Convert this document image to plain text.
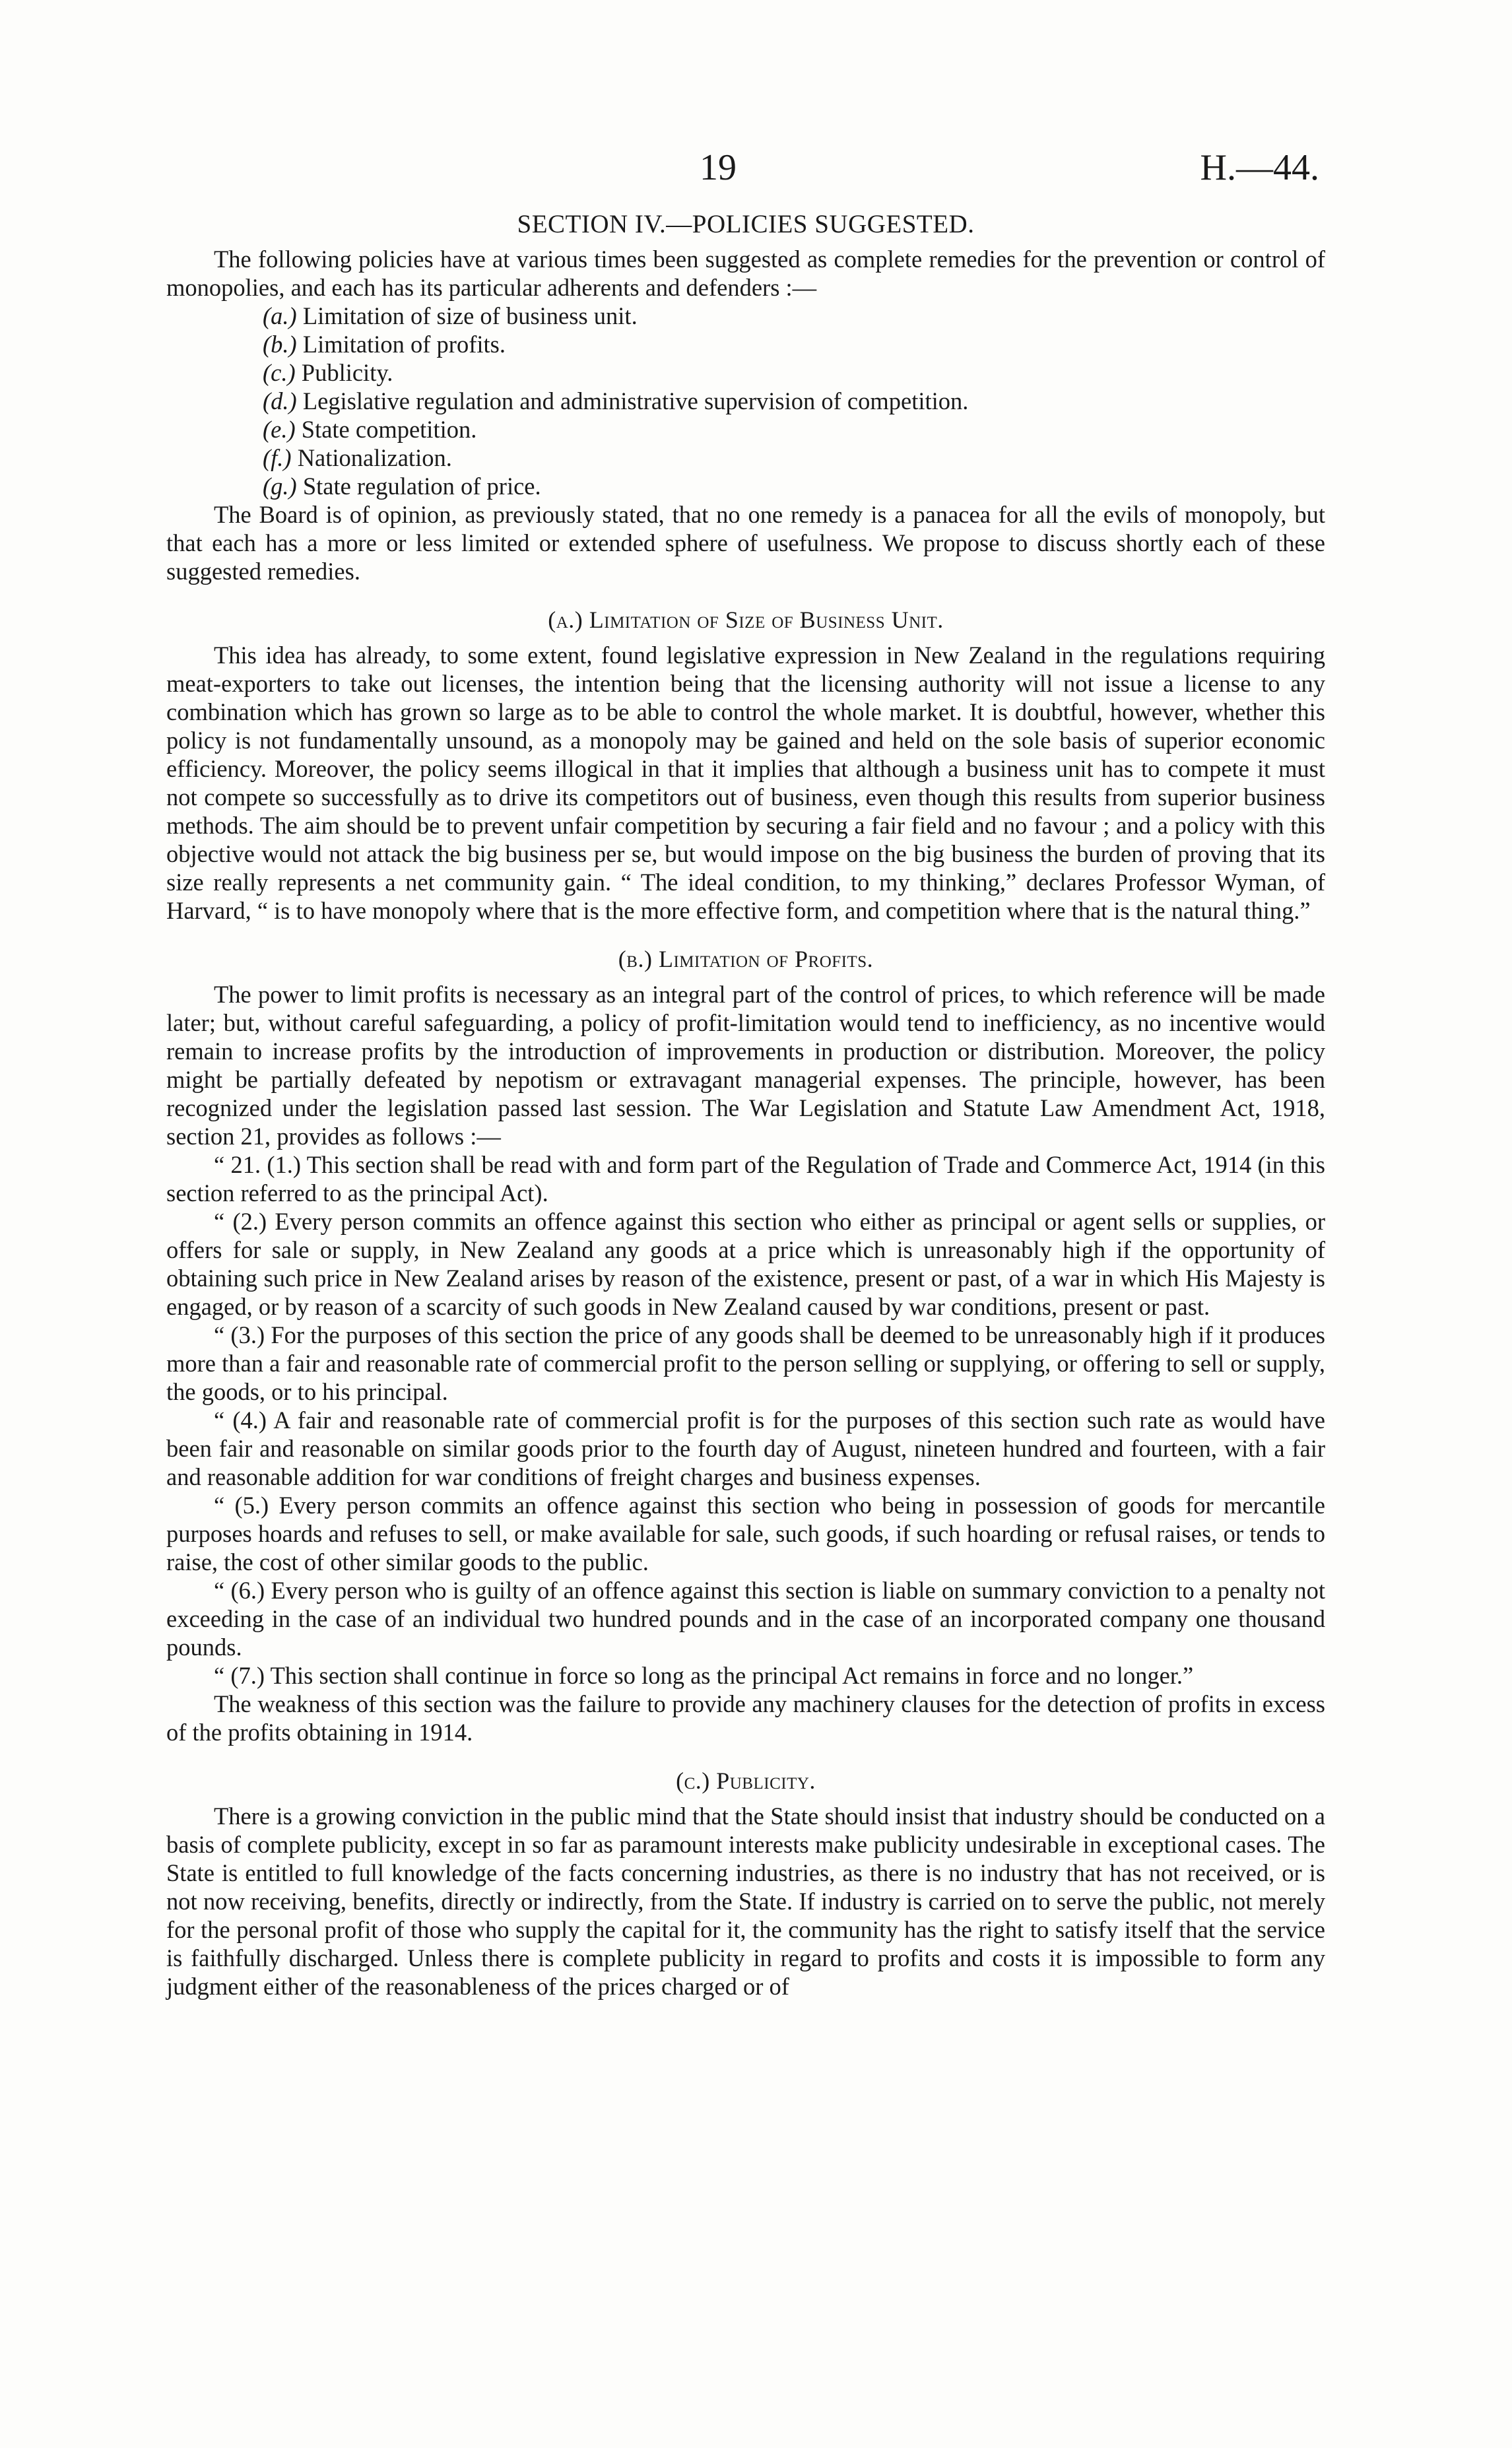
19	H.—44.
SECTION IV.—POLICIES SUGGESTED.

The following policies have at various times been suggested as complete remedies for the prevention or control of monopolies, and each has its particular adherents and defenders :—

(a.) Limitation of size of business unit.
(b.) Limitation of profits.
(c.) Publicity.
(d.) Legislative regulation and administrative supervision of competition.
(e.) State competition.
(f.) Nationalization.
(g.) State regulation of price.

The Board is of opinion, as previously stated, that no one remedy is a panacea for all the evils of monopoly, but that each has a more or less limited or extended sphere of usefulness. We propose to discuss shortly each of these suggested remedies.

(a.) Limitation of Size of Business Unit.

This idea has already, to some extent, found legislative expression in New Zealand in the regulations requiring meat-exporters to take out licenses, the intention being that the licensing authority will not issue a license to any combination which has grown so large as to be able to control the whole market. It is doubtful, however, whether this policy is not fundamentally unsound, as a monopoly may be gained and held on the sole basis of superior economic efficiency. Moreover, the policy seems illogical in that it implies that although a business unit has to compete it must not compete so successfully as to drive its competitors out of business, even though this results from superior business methods. The aim should be to prevent unfair competition by securing a fair field and no favour ; and a policy with this objective would not attack the big business per se, but would impose on the big business the burden of proving that its size really represents a net community gain. “ The ideal condition, to my thinking,” declares Professor Wyman, of Harvard, “ is to have monopoly where that is the more effective form, and competition where that is the natural thing.”

(b.) Limitation of Profits.

The power to limit profits is necessary as an integral part of the control of prices, to which reference will be made later; but, without careful safeguarding, a policy of profit-limitation would tend to inefficiency, as no incentive would remain to increase profits by the introduction of improvements in production or distribution. Moreover, the policy might be partially defeated by nepotism or extravagant managerial expenses. The principle, however, has been recognized under the legislation passed last session. The War Legislation and Statute Law Amendment Act, 1918, section 21, provides as follows :—

“ 21. (1.) This section shall be read with and form part of the Regulation of Trade and Commerce Act, 1914 (in this section referred to as the principal Act).

“ (2.) Every person commits an offence against this section who either as principal or agent sells or supplies, or offers for sale or supply, in New Zealand any goods at a price which is unreasonably high if the opportunity of obtaining such price in New Zealand arises by reason of the existence, present or past, of a war in which His Majesty is engaged, or by reason of a scarcity of such goods in New Zealand caused by war conditions, present or past.

“ (3.) For the purposes of this section the price of any goods shall be deemed to be unreasonably high if it produces more than a fair and reasonable rate of commercial profit to the person selling or supplying, or offering to sell or supply, the goods, or to his principal.

“ (4.) A fair and reasonable rate of commercial profit is for the purposes of this section such rate as would have been fair and reasonable on similar goods prior to the fourth day of August, nineteen hundred and fourteen, with a fair and reasonable addition for war conditions of freight charges and business expenses.

“ (5.) Every person commits an offence against this section who being in possession of goods for mercantile purposes hoards and refuses to sell, or make available for sale, such goods, if such hoarding or refusal raises, or tends to raise, the cost of other similar goods to the public.

“ (6.) Every person who is guilty of an offence against this section is liable on summary conviction to a penalty not exceeding in the case of an individual two hundred pounds and in the case of an incorporated company one thousand pounds.

“ (7.) This section shall continue in force so long as the principal Act remains in force and no longer.”

The weakness of this section was the failure to provide any machinery clauses for the detection of profits in excess of the profits obtaining in 1914.

(c.) Publicity.

There is a growing conviction in the public mind that the State should insist that industry should be conducted on a basis of complete publicity, except in so far as paramount interests make publicity undesirable in exceptional cases. The State is entitled to full knowledge of the facts concerning industries, as there is no industry that has not received, or is not now receiving, benefits, directly or indirectly, from the State. If industry is carried on to serve the public, not merely for the personal profit of those who supply the capital for it, the community has the right to satisfy itself that the service is faithfully discharged. Unless there is complete publicity in regard to profits and costs it is impossible to form any judgment either of the reasonableness of the prices charged or of
